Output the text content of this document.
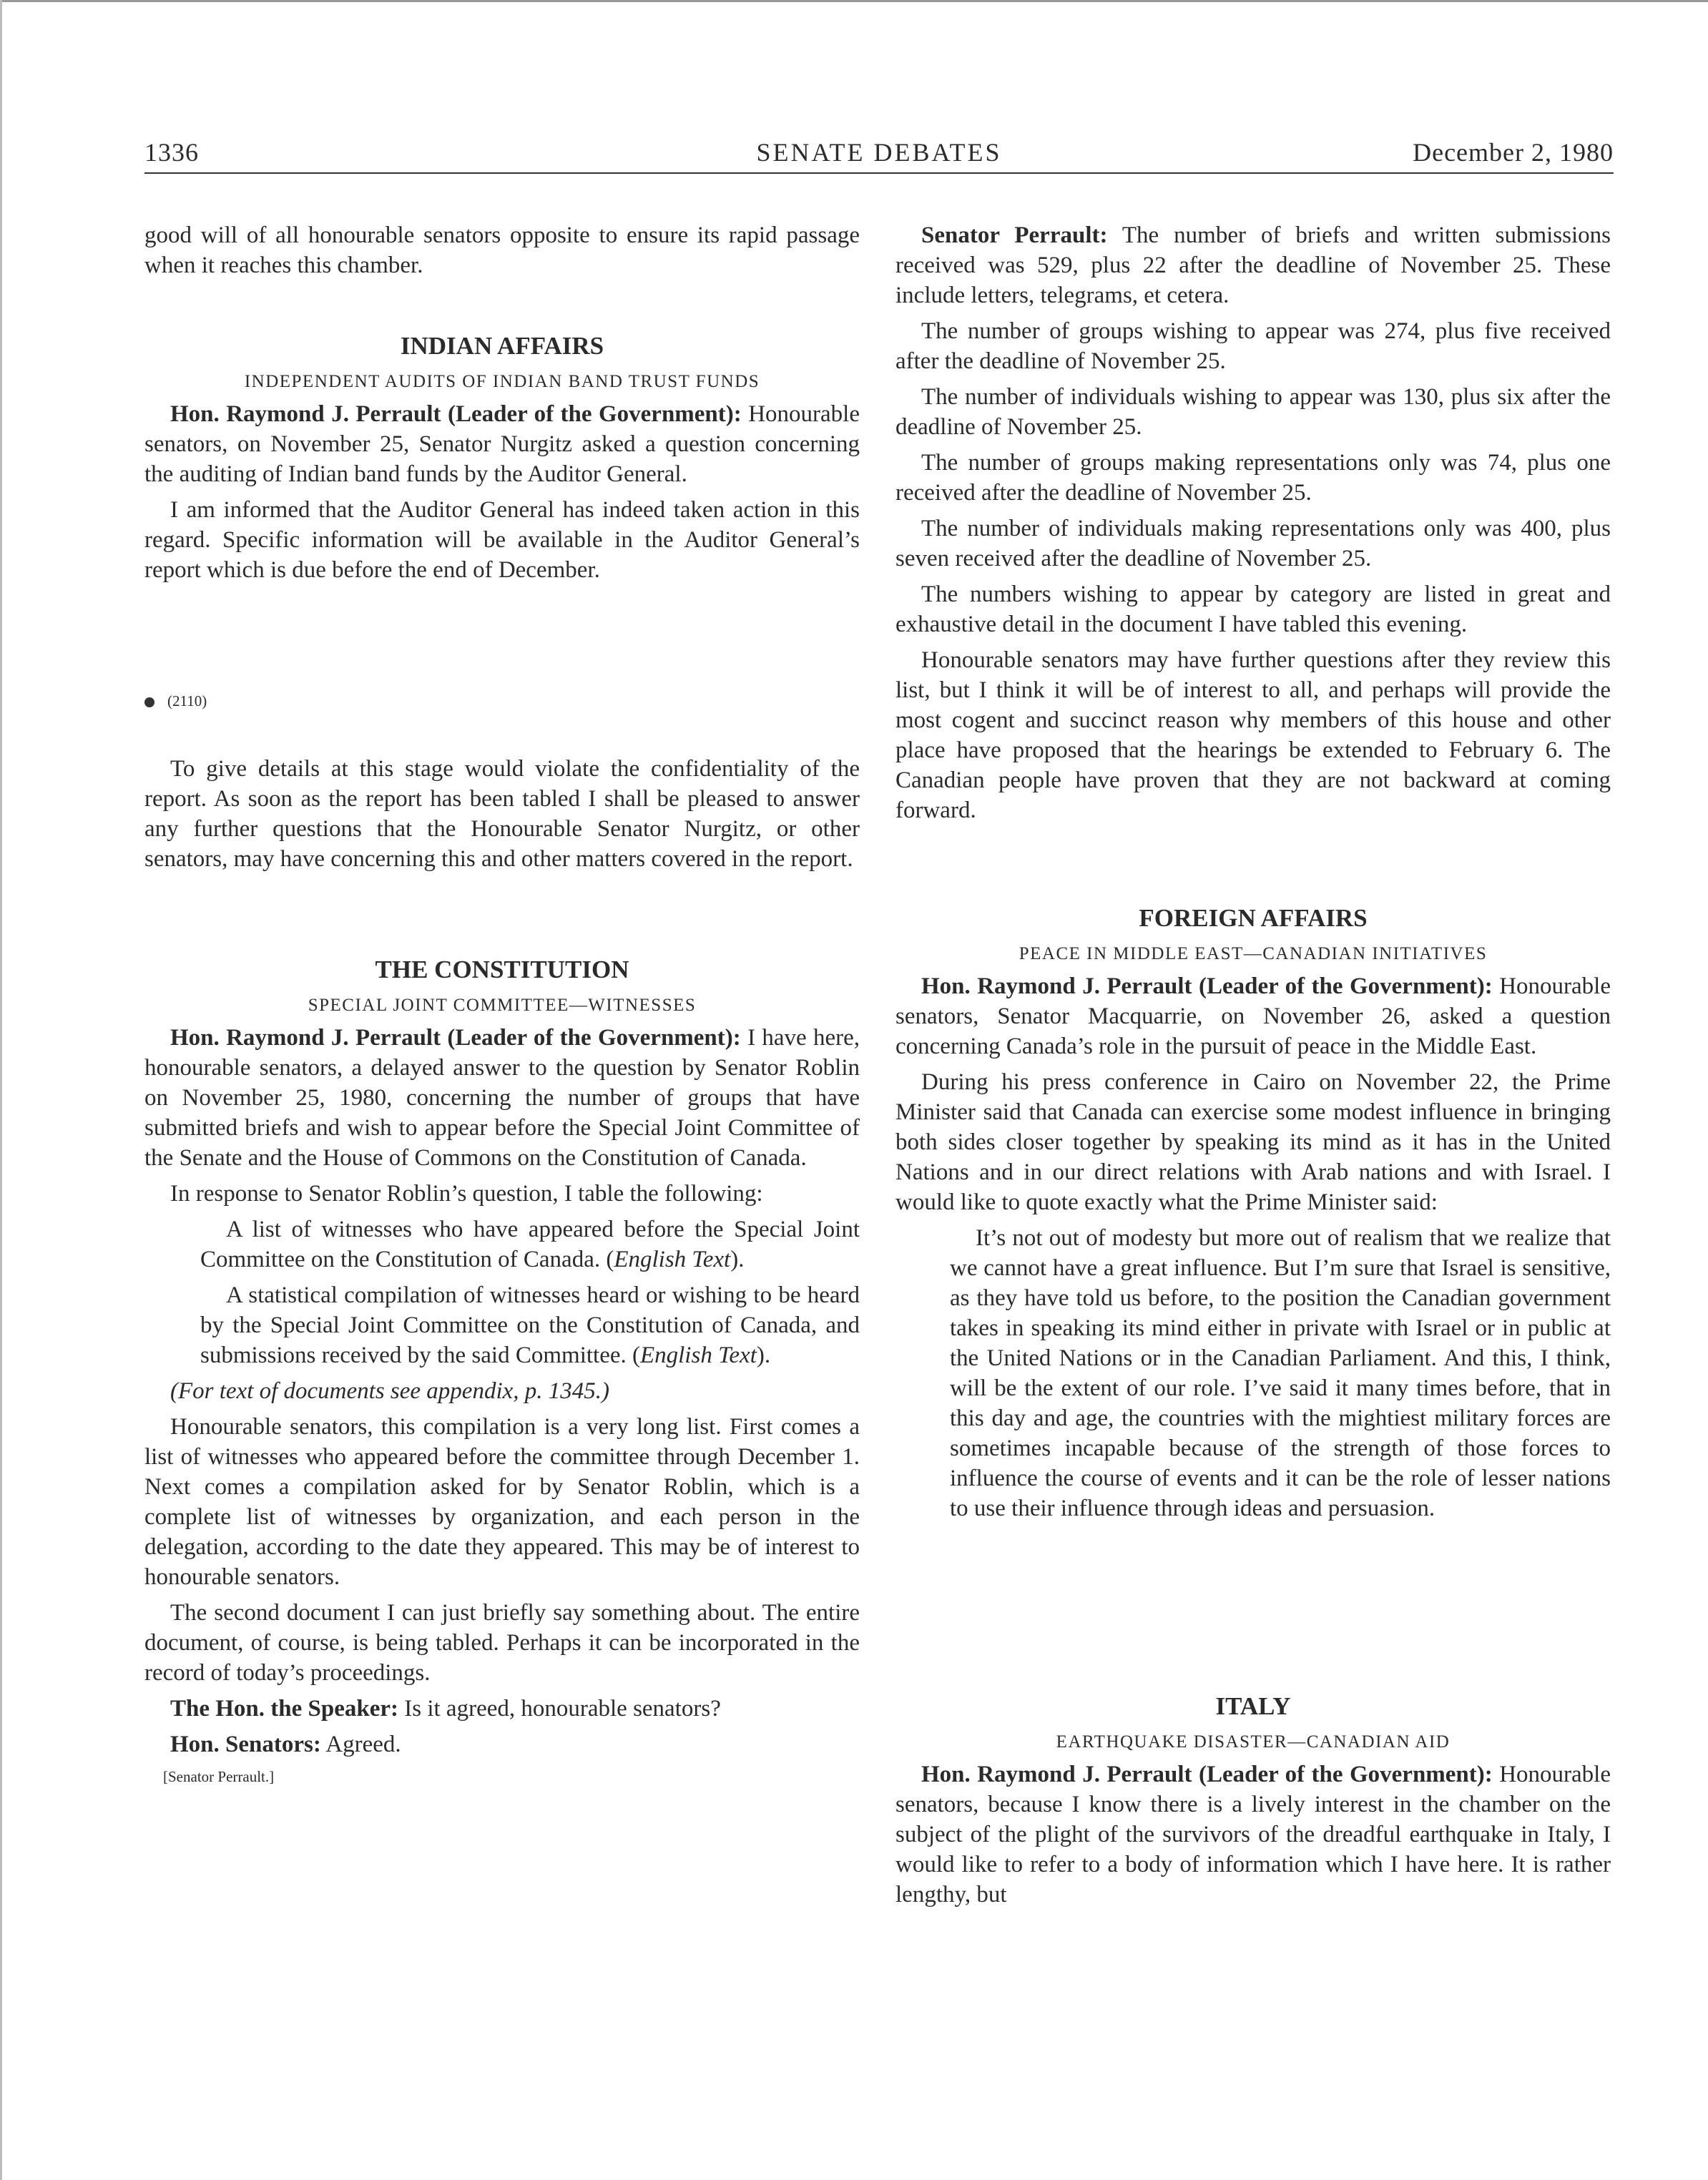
1336	SENATE DEBATES	December 2, 1980

good will of all honourable senators opposite to ensure its rapid passage when it reaches this chamber.

INDIAN AFFAIRS
INDEPENDENT AUDITS OF INDIAN BAND TRUST FUNDS

Hon. Raymond J. Perrault (Leader of the Government): Honourable senators, on November 25, Senator Nurgitz asked a question concerning the auditing of Indian band funds by the Auditor General.

I am informed that the Auditor General has indeed taken action in this regard. Specific information will be available in the Auditor General’s report which is due before the end of December.

(2110)

To give details at this stage would violate the confidentiality of the report. As soon as the report has been tabled I shall be pleased to answer any further questions that the Honourable Senator Nurgitz, or other senators, may have concerning this and other matters covered in the report.

THE CONSTITUTION
SPECIAL JOINT COMMITTEE—WITNESSES

Hon. Raymond J. Perrault (Leader of the Government): I have here, honourable senators, a delayed answer to the question by Senator Roblin on November 25, 1980, concerning the number of groups that have submitted briefs and wish to appear before the Special Joint Committee of the Senate and the House of Commons on the Constitution of Canada.

In response to Senator Roblin’s question, I table the following:

A list of witnesses who have appeared before the Special Joint Committee on the Constitution of Canada. (English Text).

A statistical compilation of witnesses heard or wishing to be heard by the Special Joint Committee on the Constitution of Canada, and submissions received by the said Committee. (English Text).

(For text of documents see appendix, p. 1345.)

Honourable senators, this compilation is a very long list. First comes a list of witnesses who appeared before the committee through December 1. Next comes a compilation asked for by Senator Roblin, which is a complete list of witnesses by organization, and each person in the delegation, according to the date they appeared. This may be of interest to honourable senators.

The second document I can just briefly say something about. The entire document, of course, is being tabled. Perhaps it can be incorporated in the record of today’s proceedings.

The Hon. the Speaker: Is it agreed, honourable senators?

Hon. Senators: Agreed.

[Senator Perrault.]

Senator Perrault: The number of briefs and written submissions received was 529, plus 22 after the deadline of November 25. These include letters, telegrams, et cetera.

The number of groups wishing to appear was 274, plus five received after the deadline of November 25.

The number of individuals wishing to appear was 130, plus six after the deadline of November 25.

The number of groups making representations only was 74, plus one received after the deadline of November 25.

The number of individuals making representations only was 400, plus seven received after the deadline of November 25.

The numbers wishing to appear by category are listed in great and exhaustive detail in the document I have tabled this evening.

Honourable senators may have further questions after they review this list, but I think it will be of interest to all, and perhaps will provide the most cogent and succinct reason why members of this house and other place have proposed that the hearings be extended to February 6. The Canadian people have proven that they are not backward at coming forward.

FOREIGN AFFAIRS
PEACE IN MIDDLE EAST—CANADIAN INITIATIVES

Hon. Raymond J. Perrault (Leader of the Government): Honourable senators, Senator Macquarrie, on November 26, asked a question concerning Canada’s role in the pursuit of peace in the Middle East.

During his press conference in Cairo on November 22, the Prime Minister said that Canada can exercise some modest influence in bringing both sides closer together by speaking its mind as it has in the United Nations and in our direct relations with Arab nations and with Israel. I would like to quote exactly what the Prime Minister said:

It’s not out of modesty but more out of realism that we realize that we cannot have a great influence. But I’m sure that Israel is sensitive, as they have told us before, to the position the Canadian government takes in speaking its mind either in private with Israel or in public at the United Nations or in the Canadian Parliament. And this, I think, will be the extent of our role. I’ve said it many times before, that in this day and age, the countries with the mightiest military forces are sometimes incapable because of the strength of those forces to influence the course of events and it can be the role of lesser nations to use their influence through ideas and persuasion.

ITALY
EARTHQUAKE DISASTER—CANADIAN AID

Hon. Raymond J. Perrault (Leader of the Government): Honourable senators, because I know there is a lively interest in the chamber on the subject of the plight of the survivors of the dreadful earthquake in Italy, I would like to refer to a body of information which I have here. It is rather lengthy, but
